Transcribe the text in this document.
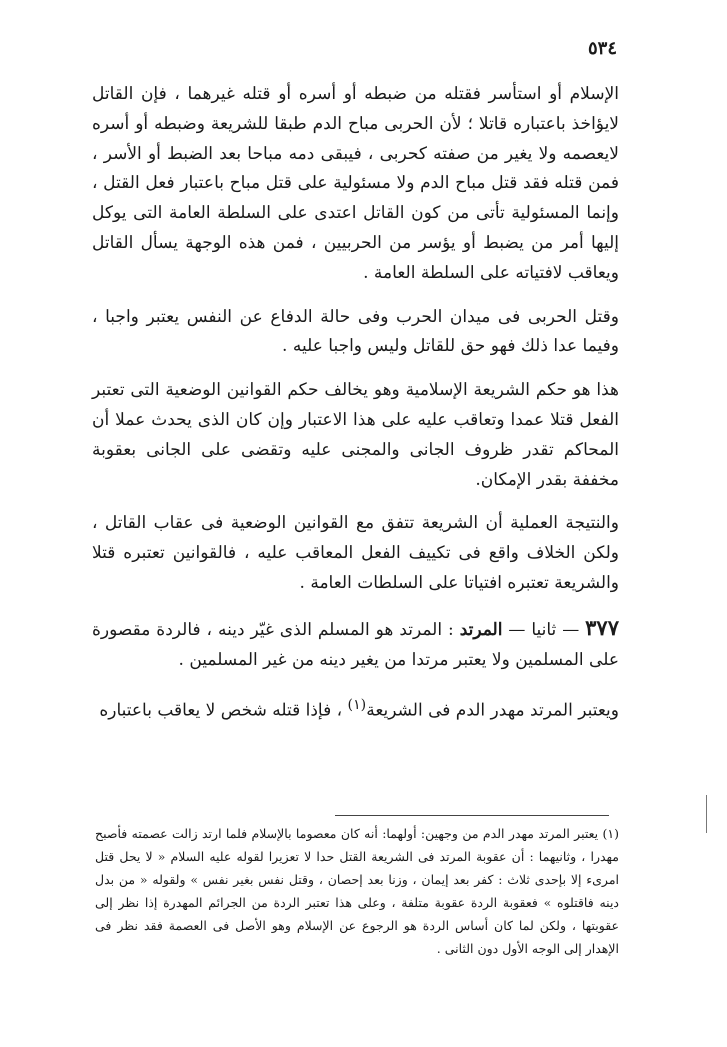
٥٣٤

الإسلام أو استأسر فقتله من ضبطه أو أسره أو قتله غيرهما ، فإن القاتل لايؤاخذ باعتباره قاتلا ؛ لأن الحربى مباح الدم طبقا للشريعة وضبطه أو أسره لايعصمه ولا يغير من صفته كحربى ، فيبقى دمه مباحا بعد الضبط أو الأسر ، فمن قتله فقد قتل مباح الدم ولا مسئولية على قتل مباح باعتبار فعل القتل ، وإنما المسئولية تأتى من كون القاتل اعتدى على السلطة العامة التى يوكل إليها أمر من يضبط أو يؤسر من الحربيين ، فمن هذه الوجهة يسأل القاتل ويعاقب لافتياته على السلطة العامة .

وقتل الحربى فى ميدان الحرب وفى حالة الدفاع عن النفس يعتبر واجبا ، وفيما عدا ذلك فهو حق للقاتل وليس واجبا عليه .

هذا هو حكم الشريعة الإسلامية وهو يخالف حكم القوانين الوضعية التى تعتبر الفعل قتلا عمدا وتعاقب عليه على هذا الاعتبار وإن كان الذى يحدث عملا أن المحاكم تقدر ظروف الجانى والمجنى عليه وتقضى على الجانى بعقوبة مخففة بقدر الإمكان.

والنتيجة العملية أن الشريعة تتفق مع القوانين الوضعية فى عقاب القاتل ، ولكن الخلاف واقع فى تكييف الفعل المعاقب عليه ، فالقوانين تعتبره قتلا والشريعة تعتبره افتياتا على السلطات العامة .

٣٧٧ — ثانيا — المرتد : المرتد هو المسلم الذى غيّر دينه ، فالردة مقصورة على المسلمين ولا يعتبر مرتدا من يغير دينه من غير المسلمين .

ويعتبر المرتد مهدر الدم فى الشريعة$^{(١)}$ ، فإذا قتله شخص لا يعاقب باعتباره

(١) يعتبر المرتد مهدر الدم من وجهين: أولهما: أنه كان معصوما بالإسلام فلما ارتد زالت عصمته فأصبح مهدرا ، وثانيهما : أن عقوبة المرتد فى الشريعة القتل حدا لا تعزيرا لقوله عليه السلام « لا يحل قتل امرىء إلا بإحدى ثلاث : كفر بعد إيمان ، وزنا بعد إحصان ، وقتل نفس بغير نفس » ولقوله « من بدل دينه فاقتلوه » فعقوبة الردة عقوبة متلفة ، وعلى هذا تعتبر الردة من الجرائم المهدرة إذا نظر إلى عقوبتها ، ولكن لما كان أساس الردة هو الرجوع عن الإسلام وهو الأصل فى العصمة فقد نظر فى الإهدار إلى الوجه الأول دون الثانى .
